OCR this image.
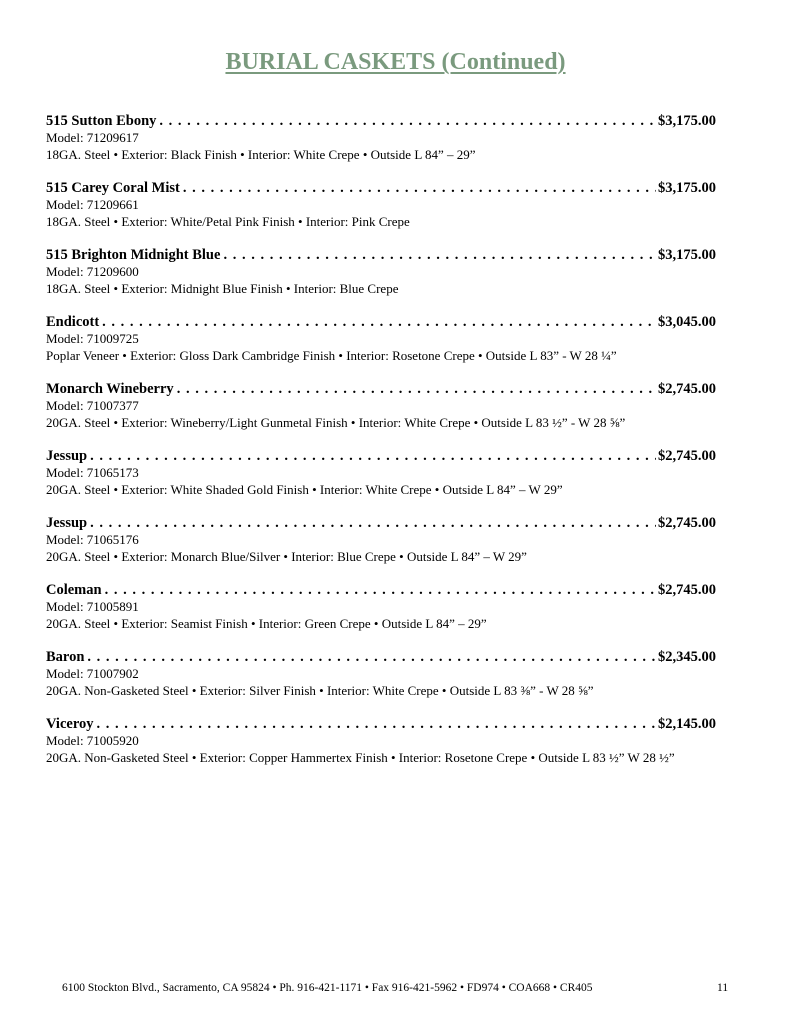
BURIAL CASKETS (Continued)
515 Sutton Ebony . . .	$3,175.00
Model: 71209617
18GA. Steel • Exterior: Black Finish • Interior: White Crepe • Outside L 84” – 29”
515 Carey Coral Mist . . .	$3,175.00
Model: 71209661
18GA. Steel • Exterior: White/Petal Pink Finish • Interior: Pink Crepe
515 Brighton Midnight Blue . . .	$3,175.00
Model: 71209600
18GA. Steel • Exterior: Midnight Blue Finish • Interior: Blue Crepe
Endicott . . .	$3,045.00
Model: 71009725
Poplar Veneer • Exterior: Gloss Dark Cambridge Finish • Interior: Rosetone Crepe • Outside L 83” - W 28 ¼”
Monarch Wineberry . . .	$2,745.00
Model: 71007377
20GA. Steel • Exterior: Wineberry/Light Gunmetal Finish • Interior: White Crepe • Outside L 83 ½” - W 28 ⅝”
Jessup . . .	$2,745.00
Model: 71065173
20GA. Steel • Exterior: White Shaded Gold Finish • Interior: White Crepe • Outside L 84” – W 29”
Jessup . . .	$2,745.00
Model: 71065176
20GA. Steel • Exterior: Monarch Blue/Silver • Interior: Blue Crepe • Outside L 84” – W 29”
Coleman . . .	$2,745.00
Model: 71005891
20GA. Steel • Exterior: Seamist Finish • Interior: Green Crepe • Outside L 84” – 29”
Baron . . .	$2,345.00
Model: 71007902
20GA. Non-Gasketed Steel • Exterior: Silver Finish • Interior: White Crepe • Outside L 83 ⅜” - W 28 ⅝”
Viceroy . . .	$2,145.00
Model: 71005920
20GA. Non-Gasketed Steel • Exterior: Copper Hammertex Finish • Interior: Rosetone Crepe • Outside L 83 ½” W 28 ½”
6100 Stockton Blvd., Sacramento, CA 95824 • Ph. 916-421-1171 • Fax 916-421-5962 • FD974 • COA668 • CR405	11
